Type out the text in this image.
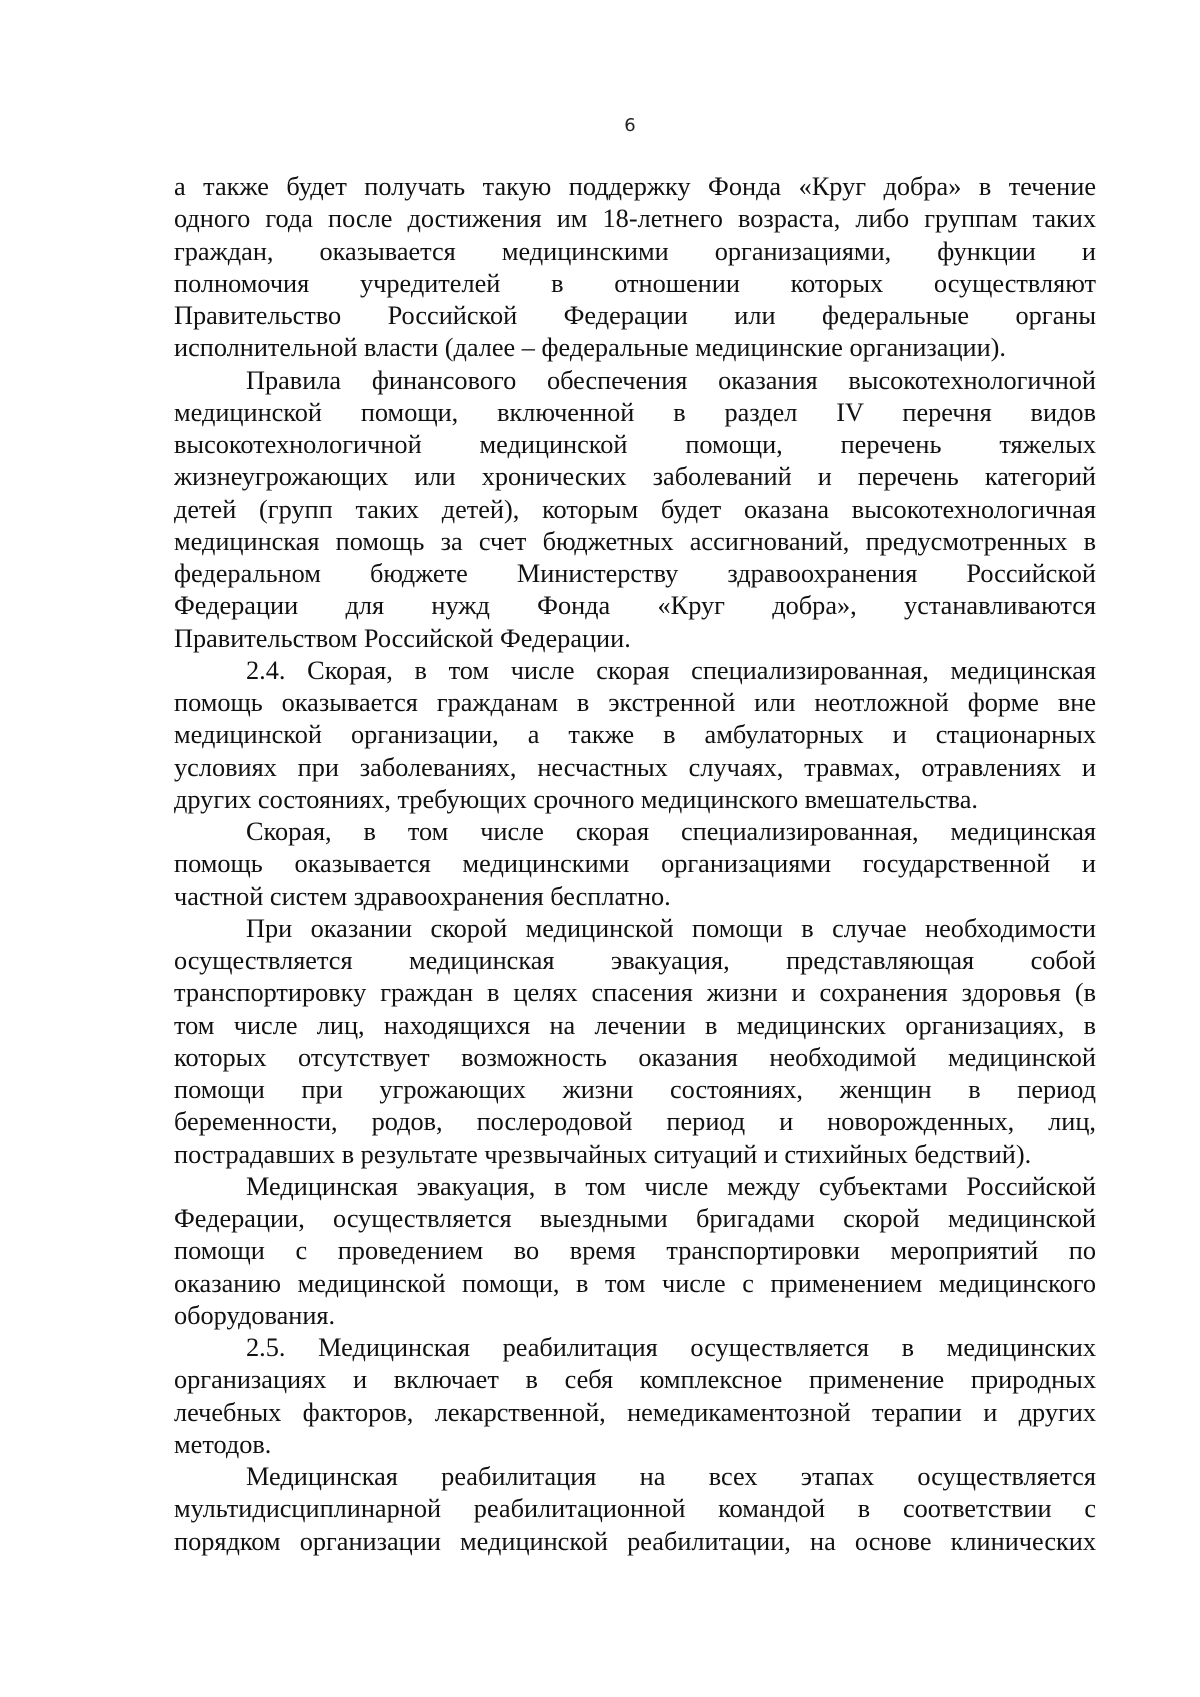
6
а также будет получать такую поддержку Фонда «Круг добра» в течение
одного года после достижения им 18-летнего возраста, либо группам таких
граждан, оказывается медицинскими организациями, функции и
полномочия учредителей в отношении которых осуществляют
Правительство Российской Федерации или федеральные органы
исполнительной власти (далее – федеральные медицинские организации).
Правила финансового обеспечения оказания высокотехнологичной
медицинской помощи, включенной в раздел IV перечня видов
высокотехнологичной медицинской помощи, перечень тяжелых
жизнеугрожающих или хронических заболеваний и перечень категорий
детей (групп таких детей), которым будет оказана высокотехнологичная
медицинская помощь за счет бюджетных ассигнований, предусмотренных в
федеральном бюджете Министерству здравоохранения Российской
Федерации для нужд Фонда «Круг добра», устанавливаются
Правительством Российской Федерации.
2.4. Скорая, в том числе скорая специализированная, медицинская
помощь оказывается гражданам в экстренной или неотложной форме вне
медицинской организации, а также в амбулаторных и стационарных
условиях при заболеваниях, несчастных случаях, травмах, отравлениях и
других состояниях, требующих срочного медицинского вмешательства.
Скорая, в том числе скорая специализированная, медицинская
помощь оказывается медицинскими организациями государственной и
частной систем здравоохранения бесплатно.
При оказании скорой медицинской помощи в случае необходимости
осуществляется медицинская эвакуация, представляющая собой
транспортировку граждан в целях спасения жизни и сохранения здоровья (в
том числе лиц, находящихся на лечении в медицинских организациях, в
которых отсутствует возможность оказания необходимой медицинской
помощи при угрожающих жизни состояниях, женщин в период
беременности, родов, послеродовой период и новорожденных, лиц,
пострадавших в результате чрезвычайных ситуаций и стихийных бедствий).
Медицинская эвакуация, в том числе между субъектами Российской
Федерации, осуществляется выездными бригадами скорой медицинской
помощи с проведением во время транспортировки мероприятий по
оказанию медицинской помощи, в том числе с применением медицинского
оборудования.
2.5. Медицинская реабилитация осуществляется в медицинских
организациях и включает в себя комплексное применение природных
лечебных факторов, лекарственной, немедикаментозной терапии и других
методов.
Медицинская реабилитация на всех этапах осуществляется
мультидисциплинарной реабилитационной командой в соответствии с
порядком организации медицинской реабилитации, на основе клинических
